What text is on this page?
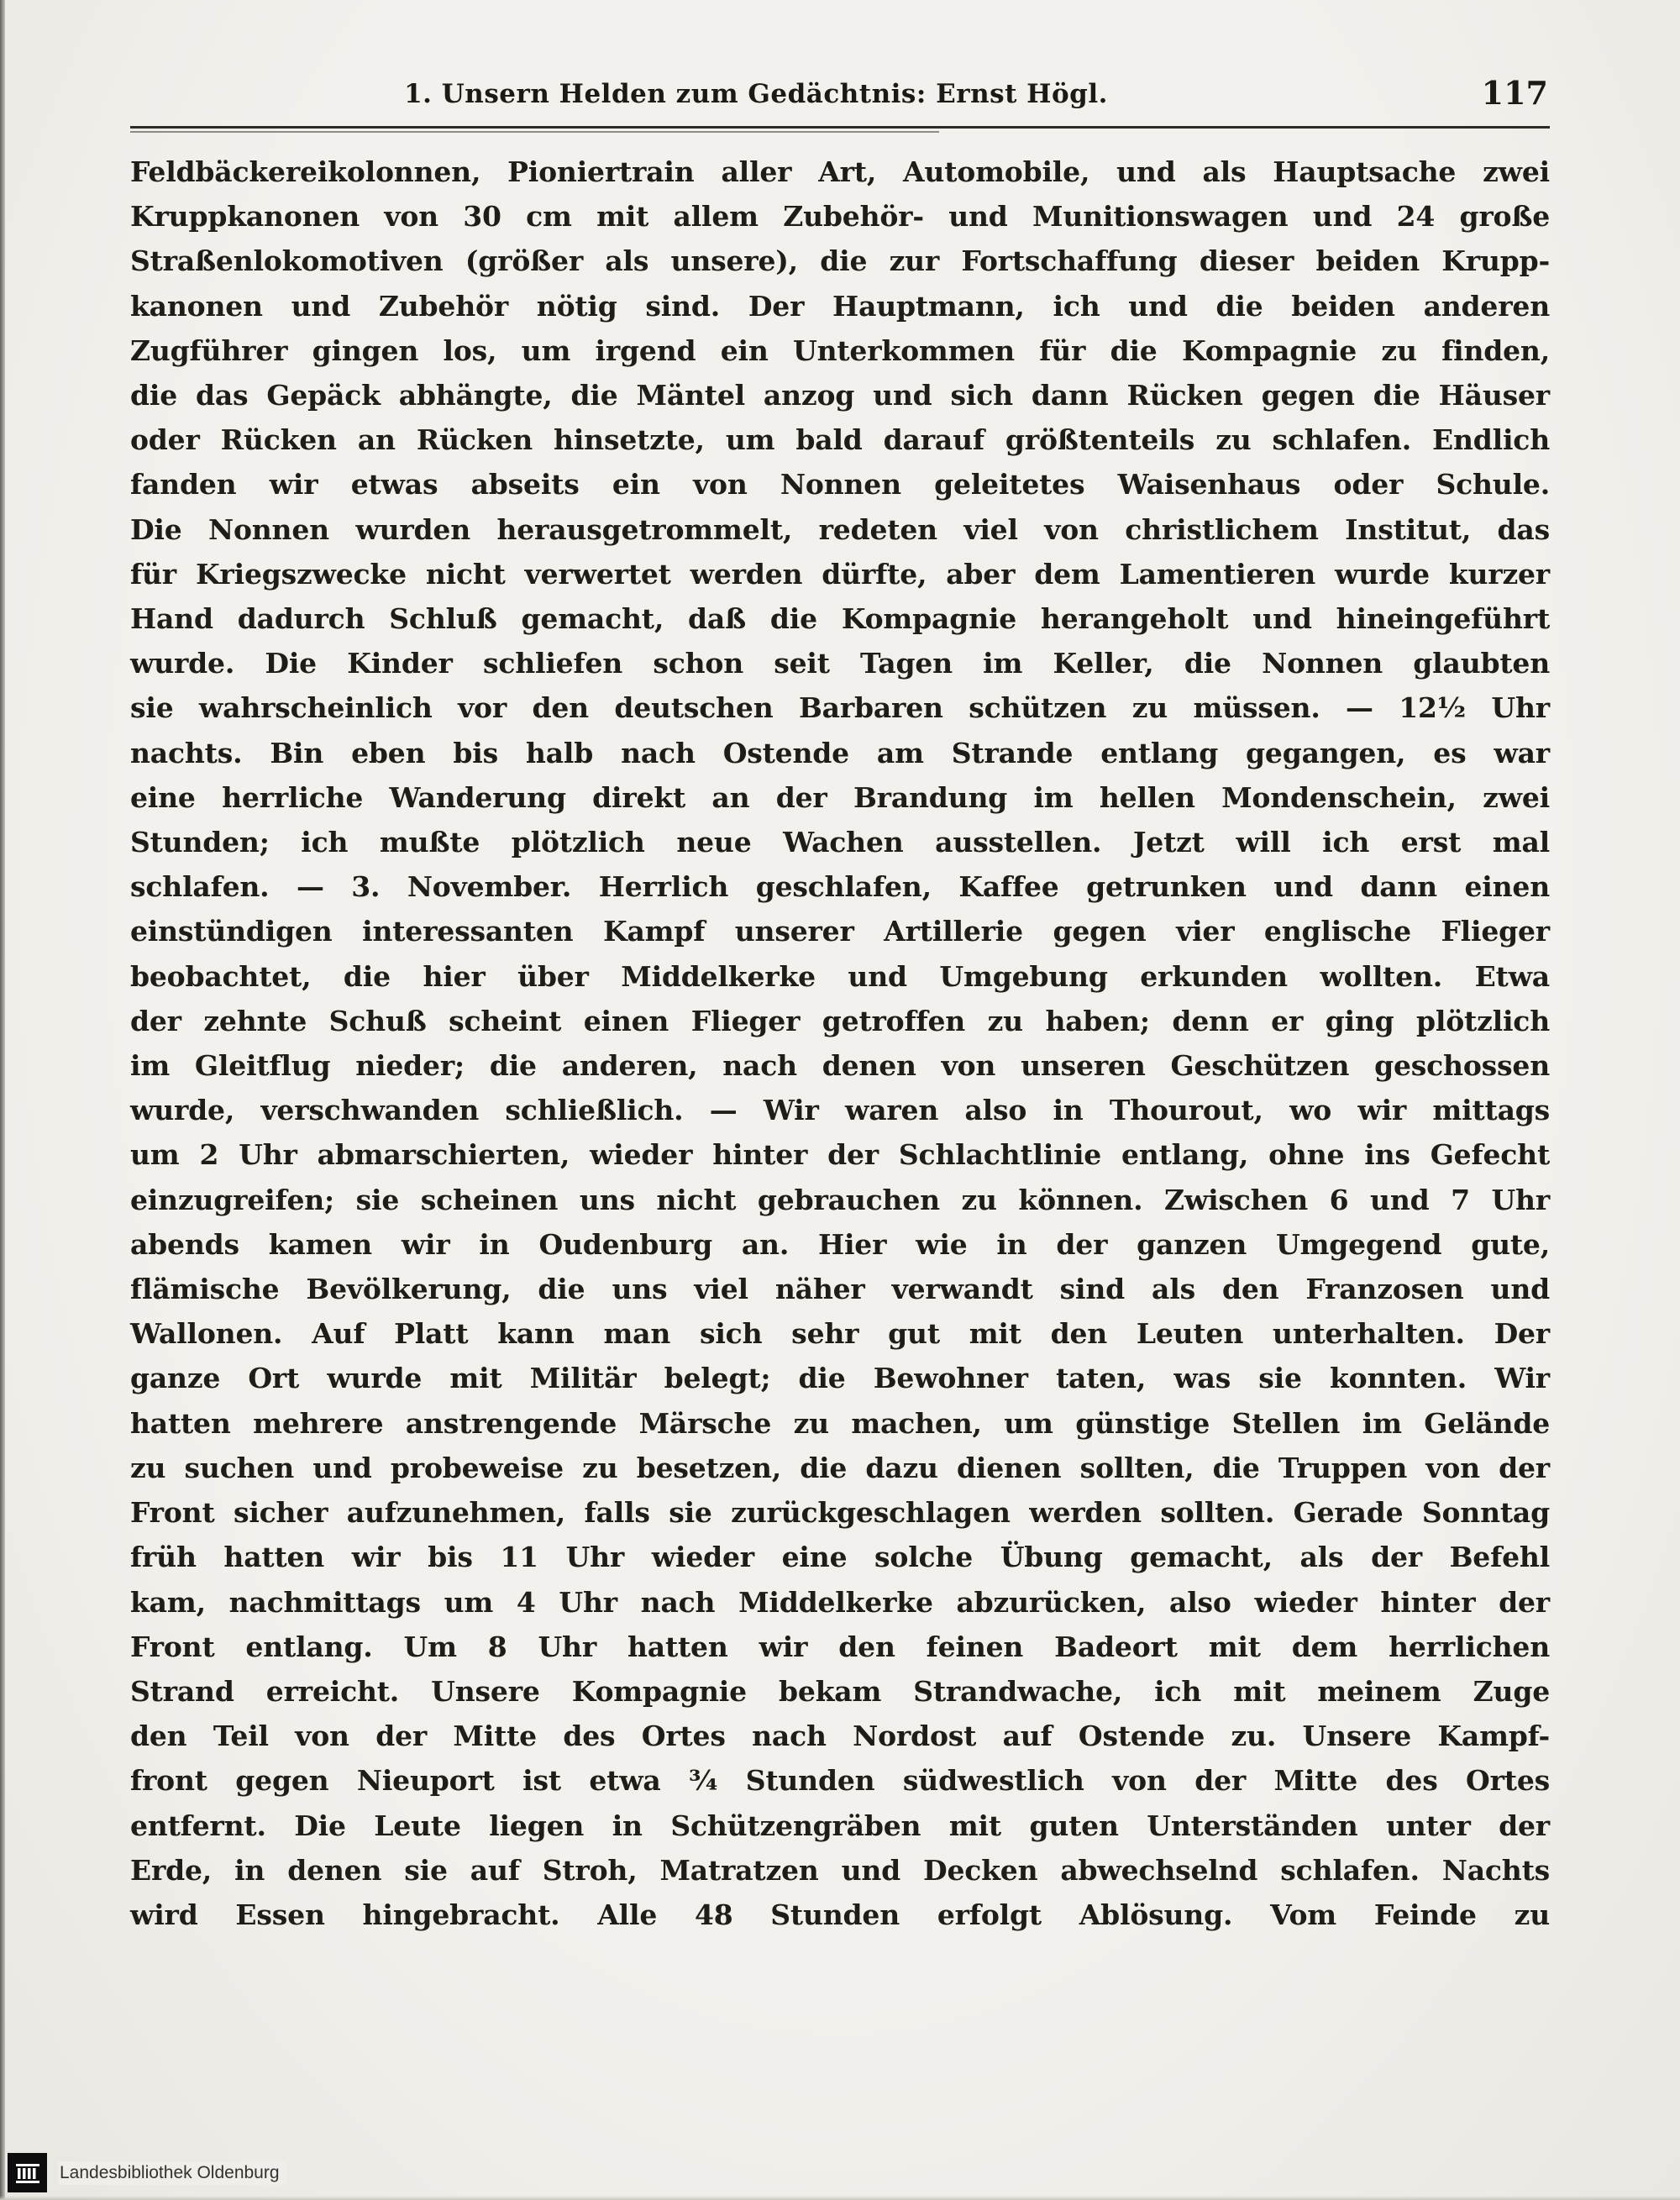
1. Unsern Helden zum Gedächtnis: Ernst Högl.	117
Feldbäckereikolonnen, Pioniertrain aller Art, Automobile, und als Hauptsache zwei
Kruppkanonen von 30 cm mit allem Zubehör- und Munitionswagen und 24 große
Straßenlokomotiven (größer als unsere), die zur Fortschaffung dieser beiden Krupp-
kanonen und Zubehör nötig sind. Der Hauptmann, ich und die beiden anderen
Zugführer gingen los, um irgend ein Unterkommen für die Kompagnie zu finden,
die das Gepäck abhängte, die Mäntel anzog und sich dann Rücken gegen die Häuser
oder Rücken an Rücken hinsetzte, um bald darauf größtenteils zu schlafen. Endlich
fanden wir etwas abseits ein von Nonnen geleitetes Waisenhaus oder Schule.
Die Nonnen wurden herausgetrommelt, redeten viel von christlichem Institut, das
für Kriegszwecke nicht verwertet werden dürfte, aber dem Lamentieren wurde kurzer
Hand dadurch Schluß gemacht, daß die Kompagnie herangeholt und hineingeführt
wurde. Die Kinder schliefen schon seit Tagen im Keller, die Nonnen glaubten
sie wahrscheinlich vor den deutschen Barbaren schützen zu müssen. — 12½ Uhr
nachts. Bin eben bis halb nach Ostende am Strande entlang gegangen, es war
eine herrliche Wanderung direkt an der Brandung im hellen Mondenschein, zwei
Stunden; ich mußte plötzlich neue Wachen ausstellen. Jetzt will ich erst mal
schlafen. — 3. November. Herrlich geschlafen, Kaffee getrunken und dann einen
einstündigen interessanten Kampf unserer Artillerie gegen vier englische Flieger
beobachtet, die hier über Middelkerke und Umgebung erkunden wollten. Etwa
der zehnte Schuß scheint einen Flieger getroffen zu haben; denn er ging plötzlich
im Gleitflug nieder; die anderen, nach denen von unseren Geschützen geschossen
wurde, verschwanden schließlich. — Wir waren also in Thourout, wo wir mittags
um 2 Uhr abmarschierten, wieder hinter der Schlachtlinie entlang, ohne ins Gefecht
einzugreifen; sie scheinen uns nicht gebrauchen zu können. Zwischen 6 und 7 Uhr
abends kamen wir in Oudenburg an. Hier wie in der ganzen Umgegend gute,
flämische Bevölkerung, die uns viel näher verwandt sind als den Franzosen und
Wallonen. Auf Platt kann man sich sehr gut mit den Leuten unterhalten. Der
ganze Ort wurde mit Militär belegt; die Bewohner taten, was sie konnten. Wir
hatten mehrere anstrengende Märsche zu machen, um günstige Stellen im Gelände
zu suchen und probeweise zu besetzen, die dazu dienen sollten, die Truppen von der
Front sicher aufzunehmen, falls sie zurückgeschlagen werden sollten. Gerade Sonntag
früh hatten wir bis 11 Uhr wieder eine solche Übung gemacht, als der Befehl
kam, nachmittags um 4 Uhr nach Middelkerke abzurücken, also wieder hinter der
Front entlang. Um 8 Uhr hatten wir den feinen Badeort mit dem herrlichen
Strand erreicht. Unsere Kompagnie bekam Strandwache, ich mit meinem Zuge
den Teil von der Mitte des Ortes nach Nordost auf Ostende zu. Unsere Kampf-
front gegen Nieuport ist etwa ¾ Stunden südwestlich von der Mitte des Ortes
entfernt. Die Leute liegen in Schützengräben mit guten Unterständen unter der
Erde, in denen sie auf Stroh, Matratzen und Decken abwechselnd schlafen. Nachts
wird Essen hingebracht. Alle 48 Stunden erfolgt Ablösung. Vom Feinde zu
Landesbibliothek Oldenburg
